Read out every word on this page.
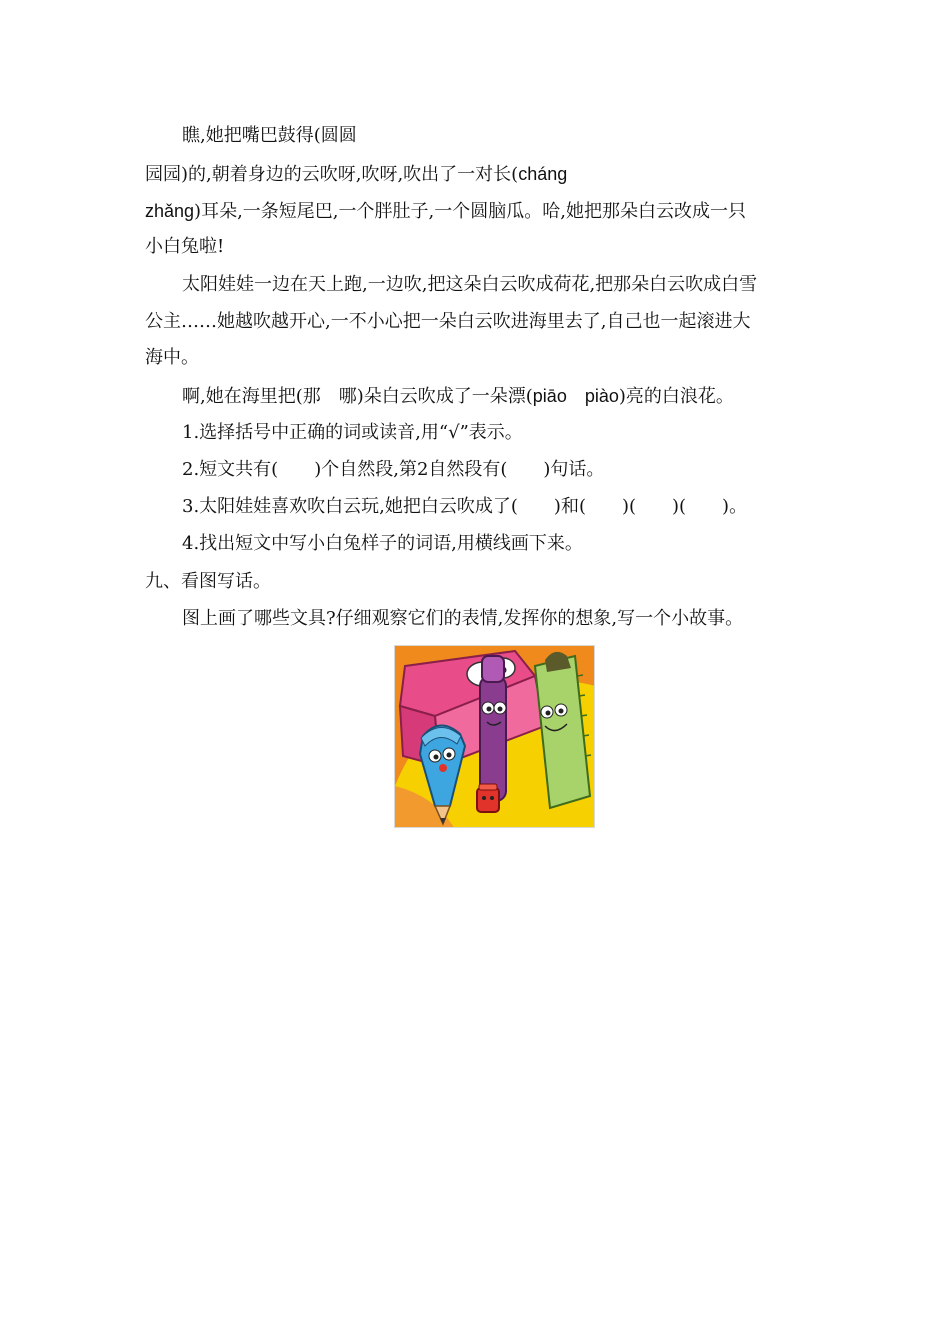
瞧,她把嘴巴鼓得(圆圆
园园)的,朝着身边的云吹呀,吹呀,吹出了一对长(cháng
zhǎng)耳朵,一条短尾巴,一个胖肚子,一个圆脑瓜。哈,她把那朵白云改成一只
小白兔啦!
太阳娃娃一边在天上跑,一边吹,把这朵白云吹成荷花,把那朵白云吹成白雪
公主……她越吹越开心,一不小心把一朵白云吹进海里去了,自己也一起滚进大
海中。
啊,她在海里把(那　哪)朵白云吹成了一朵漂(piāo　piào)亮的白浪花。
1.选择括号中正确的词或读音,用“√”表示。
2.短文共有(　　)个自然段,第2自然段有(　　)句话。
3.太阳娃娃喜欢吹白云玩,她把白云吹成了(　　)和(　　)(　　)(　　)。
4.找出短文中写小白兔样子的词语,用横线画下来。
九、看图写话。
图上画了哪些文具?仔细观察它们的表情,发挥你的想象,写一个小故事。
